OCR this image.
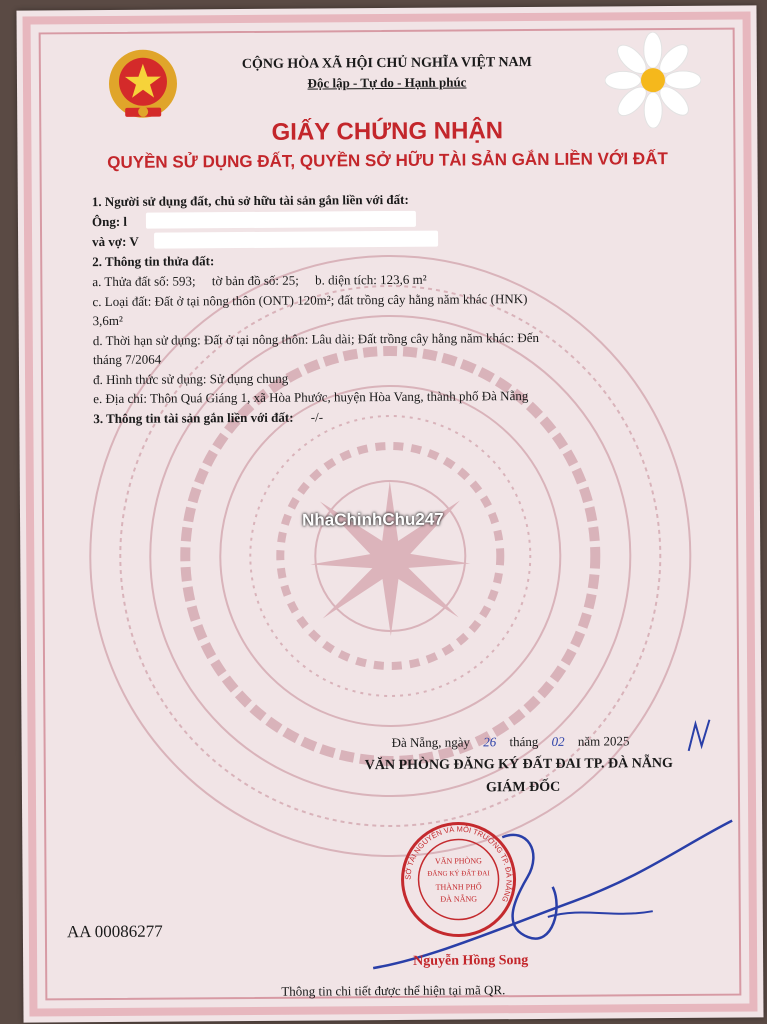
CỘNG HÒA XÃ HỘI CHỦ NGHĨA VIỆT NAM
Độc lập - Tự do - Hạnh phúc
GIẤY CHỨNG NHẬN
QUYỀN SỬ DỤNG ĐẤT, QUYỀN SỞ HỮU TÀI SẢN GẮN LIỀN VỚI ĐẤT
1. Người sử dụng đất, chủ sở hữu tài sản gắn liền với đất:
Ông: l
và vợ: V
2. Thông tin thửa đất:
a. Thửa đất số: 593;     tờ bản đồ số: 25;     b. diện tích: 123,6 m²
c. Loại đất: Đất ở tại nông thôn (ONT) 120m²; đất trồng cây hằng năm khác (HNK)
3,6m²
d. Thời hạn sử dụng: Đất ở tại nông thôn: Lâu dài; Đất trồng cây hằng năm khác: Đến
tháng 7/2064
đ. Hình thức sử dụng: Sử dụng chung
e. Địa chỉ: Thôn Quá Giáng 1, xã Hòa Phước, huyện Hòa Vang, thành phố Đà Nẵng
3. Thông tin tài sản gắn liền với đất: -/-
NhaChinhChu247
Đà Nẵng, ngày 26 tháng 02 năm 2025
VĂN PHÒNG ĐĂNG KÝ ĐẤT ĐAI TP. ĐÀ NẴNG
GIÁM ĐỐC
SỞ TÀI NGUYÊN VÀ MÔI TRƯỜNG TP. ĐÀ NẴNG
VĂN PHÒNG
ĐĂNG KÝ ĐẤT ĐAI
THÀNH PHỐ
ĐÀ NẴNG
Nguyễn Hồng Song
AA 00086277
Thông tin chi tiết được thể hiện tại mã QR.
